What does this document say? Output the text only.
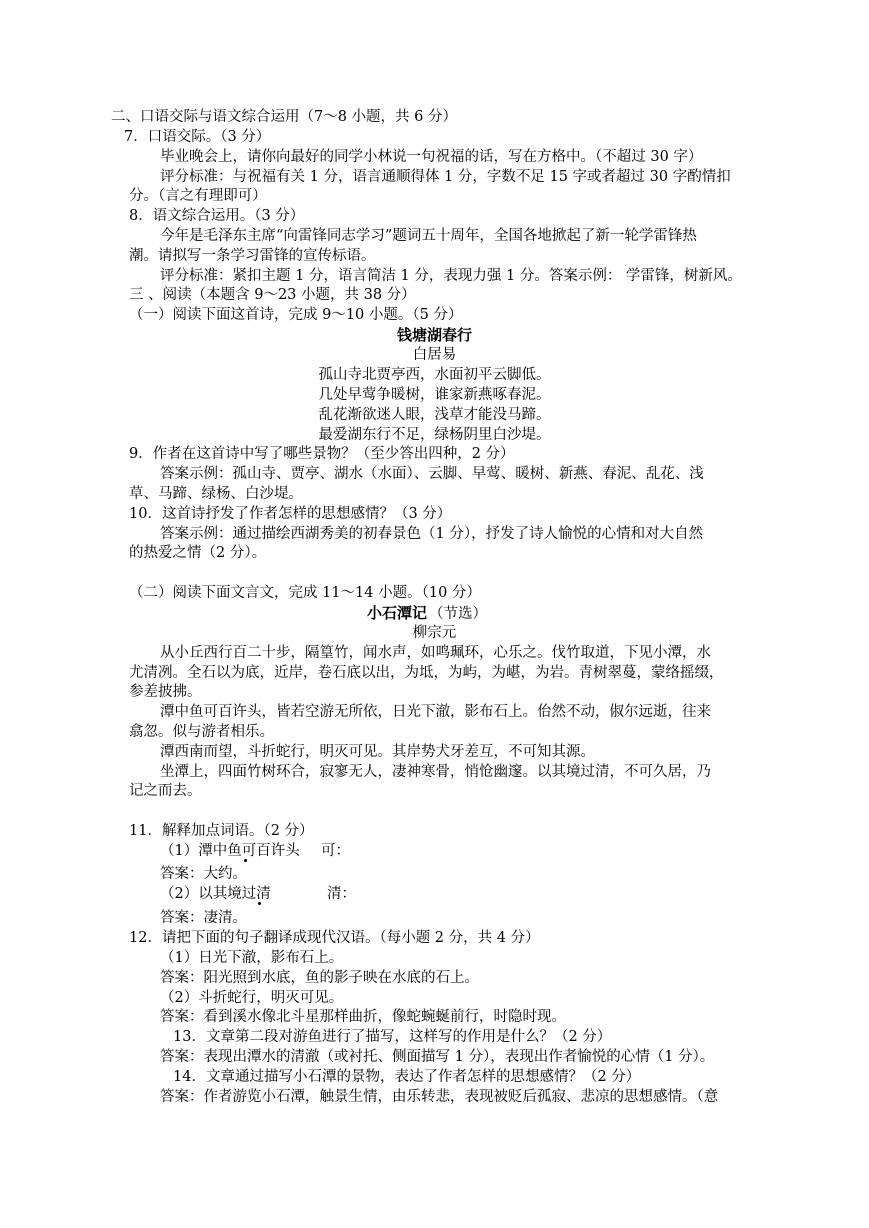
二、口语交际与语文综合运用（7～8 小题，共 6 分）
7．口语交际。（3 分）
毕业晚会上，请你向最好的同学小林说一句祝福的话，写在方格中。（不超过 30 字）
评分标准：与祝福有关 1 分，语言通顺得体 1 分，字数不足 15 字或者超过 30 字酌情扣
分。（言之有理即可）
8．语文综合运用。（3 分）
今年是毛泽东主席“向雷锋同志学习”题词五十周年，全国各地掀起了新一轮学雷锋热
潮。请拟写一条学习雷锋的宣传标语。
评分标准：紧扣主题 1 分，语言简洁 1 分，表现力强 1 分。答案示例： 学雷锋，树新风。
三 、阅读（本题含 9～23 小题，共 38 分）
（一）阅读下面这首诗，完成 9～10 小题。（5 分）
钱塘湖春行
白居易
孤山寺北贾亭西，水面初平云脚低。
几处早莺争暖树，谁家新燕啄春泥。
乱花渐欲迷人眼，浅草才能没马蹄。
最爱湖东行不足，绿杨阴里白沙堤。
9．作者在这首诗中写了哪些景物？（至少答出四种，2 分）
答案示例：孤山寺、贾亭、湖水（水面）、云脚、早莺、暖树、新燕、春泥、乱花、浅
草、马蹄、绿杨、白沙堤。
10．这首诗抒发了作者怎样的思想感情？（3 分）
答案示例：通过描绘西湖秀美的初春景色（1 分），抒发了诗人愉悦的心情和对大自然
的热爱之情（2 分）。
（二）阅读下面文言文，完成 11～14 小题。（10 分）
小石潭记 （节选）
柳宗元
从小丘西行百二十步，隔篁竹，闻水声，如鸣珮环，心乐之。伐竹取道，下见小潭，水
尤清冽。全石以为底，近岸，卷石底以出，为坻，为屿，为嵁，为岩。青树翠蔓，蒙络摇缀，
参差披拂。
潭中鱼可百许头，皆若空游无所依，日光下澈，影布石上。佁然不动，俶尔远逝，往来
翕忽。似与游者相乐。
潭西南而望，斗折蛇行，明灭可见。其岸势犬牙差互，不可知其源。
坐潭上，四面竹树环合，寂寥无人，凄神寒骨，悄怆幽邃。以其境过清，不可久居，乃
记之而去。
11．解释加点词语。（2 分）
（1）潭中鱼可百许头 可：
答案：大约。
（2）以其境过清	清：
答案：凄清。
12．请把下面的句子翻译成现代汉语。（每小题 2 分，共 4 分）
（1）日光下澈，影布石上。
答案：阳光照到水底，鱼的影子映在水底的石上。
（2）斗折蛇行，明灭可见。
答案：看到溪水像北斗星那样曲折，像蛇蜿蜒前行，时隐时现。
13．文章第二段对游鱼进行了描写，这样写的作用是什么？（2 分）
答案：表现出潭水的清澈（或衬托、侧面描写 1 分），表现出作者愉悦的心情（1 分）。
14．文章通过描写小石潭的景物，表达了作者怎样的思想感情？（2 分）
答案：作者游览小石潭，触景生情，由乐转悲，表现被贬后孤寂、悲凉的思想感情。（意
